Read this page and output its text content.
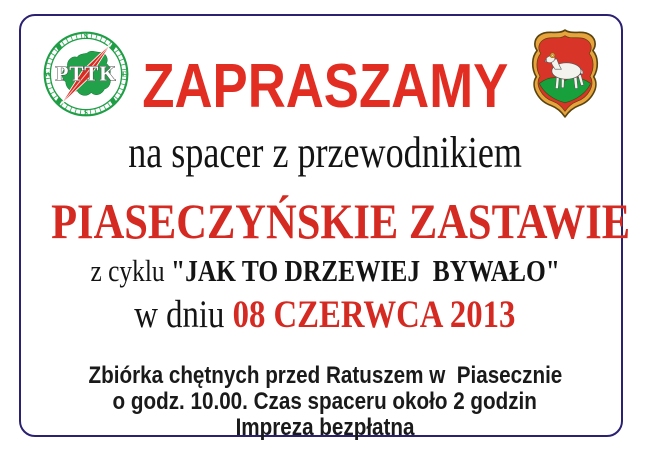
N
E
S
W PTTK ZAPRASZAMY
na spacer z przewodnikiem
PIASECZYŃSKIE ZASTAWIE
z cyklu "JAK TO DRZEWIEJ  BYWAŁO"
w dniu 08 CZERWCA 2013
Zbiórka chętnych przed Ratuszem w  Piasecznie
o godz. 10.00. Czas spaceru około 2 godzin
Impreza bezpłatna
